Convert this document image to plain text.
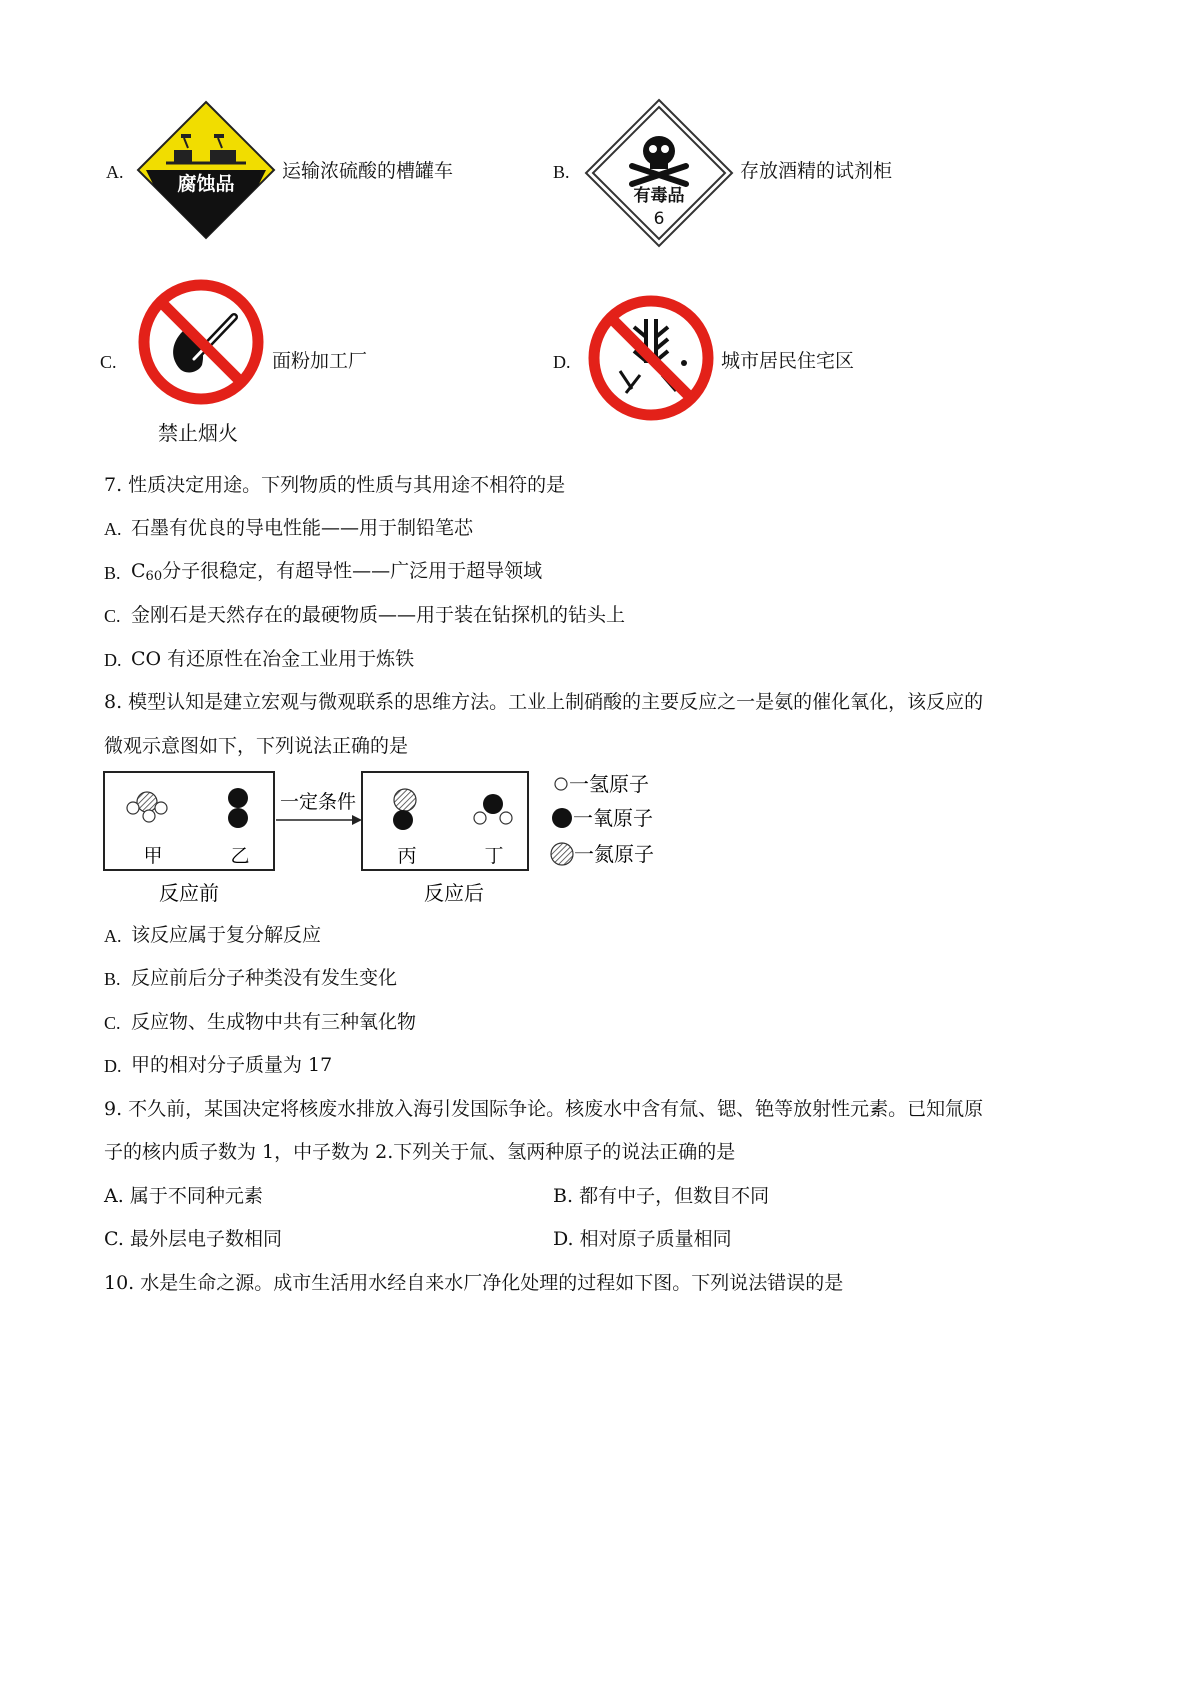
A.
腐蚀品
运输浓硫酸的槽罐车	B.
有毒品
6
存放酒精的试剂柜
C.
禁止烟火
面粉加工厂	D.	城市居民住宅区
7. 性质决定用途。下列物质的性质与其用途不相符的是
A. 石墨有优良的导电性能——用于制铅笔芯
B. $C_{60}$分子很稳定，有超导性——广泛用于超导领域
C. 金刚石是天然存在的最硬物质——用于装在钻探机的钻头上
D. CO 有还原性在冶金工业用于炼铁
8. 模型认知是建立宏观与微观联系的思维方法。工业上制硝酸的主要反应之一是氨的催化氧化，该反应的
微观示意图如下，下列说法正确的是
甲	乙
一定条件
丙	丁
反应前	反应后
一氢原子
一氧原子
一氮原子
A. 该反应属于复分解反应
B. 反应前后分子种类没有发生变化
C. 反应物、生成物中共有三种氧化物
D. 甲的相对分子质量为 17
9. 不久前，某国决定将核废水排放入海引发国际争论。核废水中含有氚、锶、铯等放射性元素。已知氚原
子的核内质子数为 1，中子数为 2.下列关于氚、氢两种原子的说法正确的是
A. 属于不同种元素	B. 都有中子，但数目不同
C. 最外层电子数相同	D. 相对原子质量相同
10. 水是生命之源。成市生活用水经自来水厂净化处理的过程如下图。下列说法错误的是
